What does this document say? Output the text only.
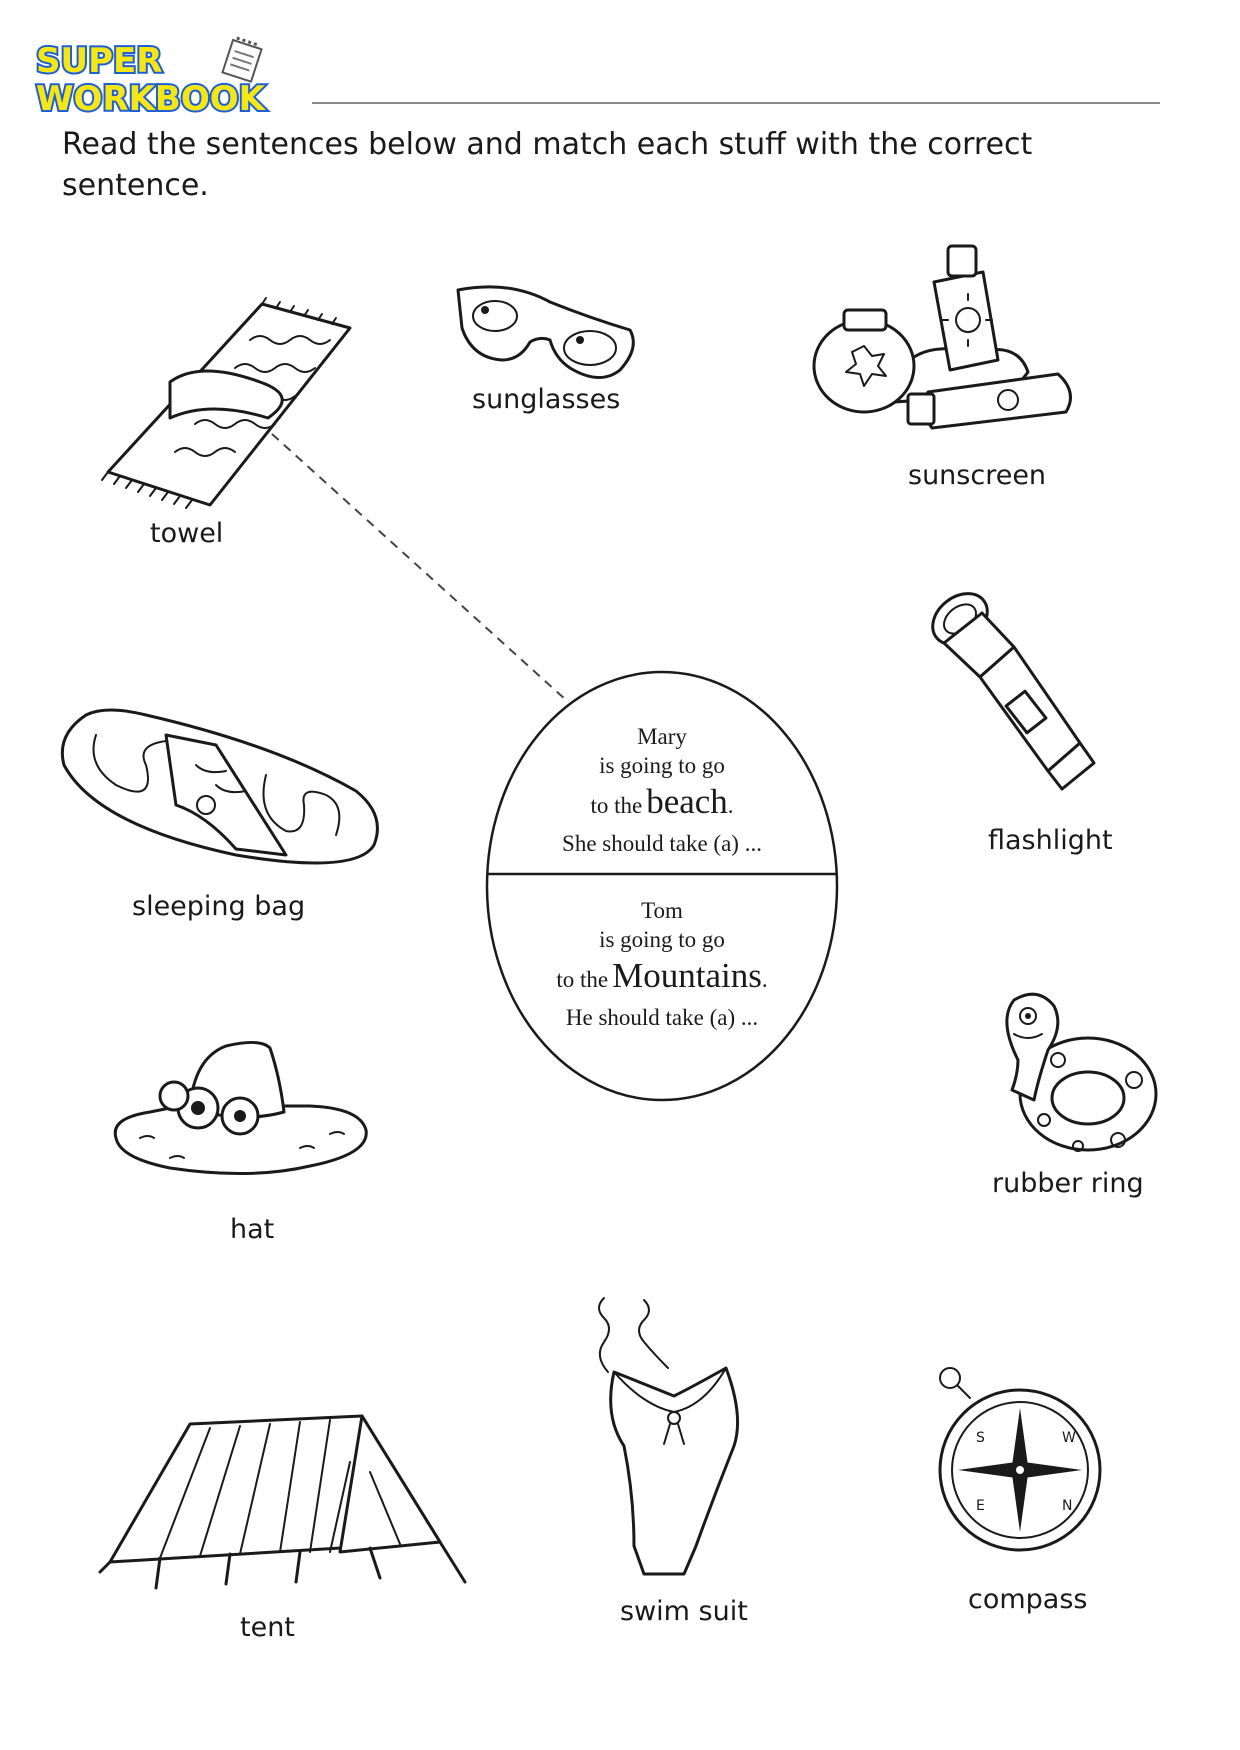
SUPER
WORKBOOK

Read the sentences below and match each stuff with the correct sentence.

towel
sunglasses
sunscreen
flashlight
sleeping bag
rubber ring
hat
tent
swim suit
S	W
N
E
compass
Mary
is going to go
to the beach.
She should take (a) ...
Tom
is going to go
to the Mountains.
He should take (a) ...
